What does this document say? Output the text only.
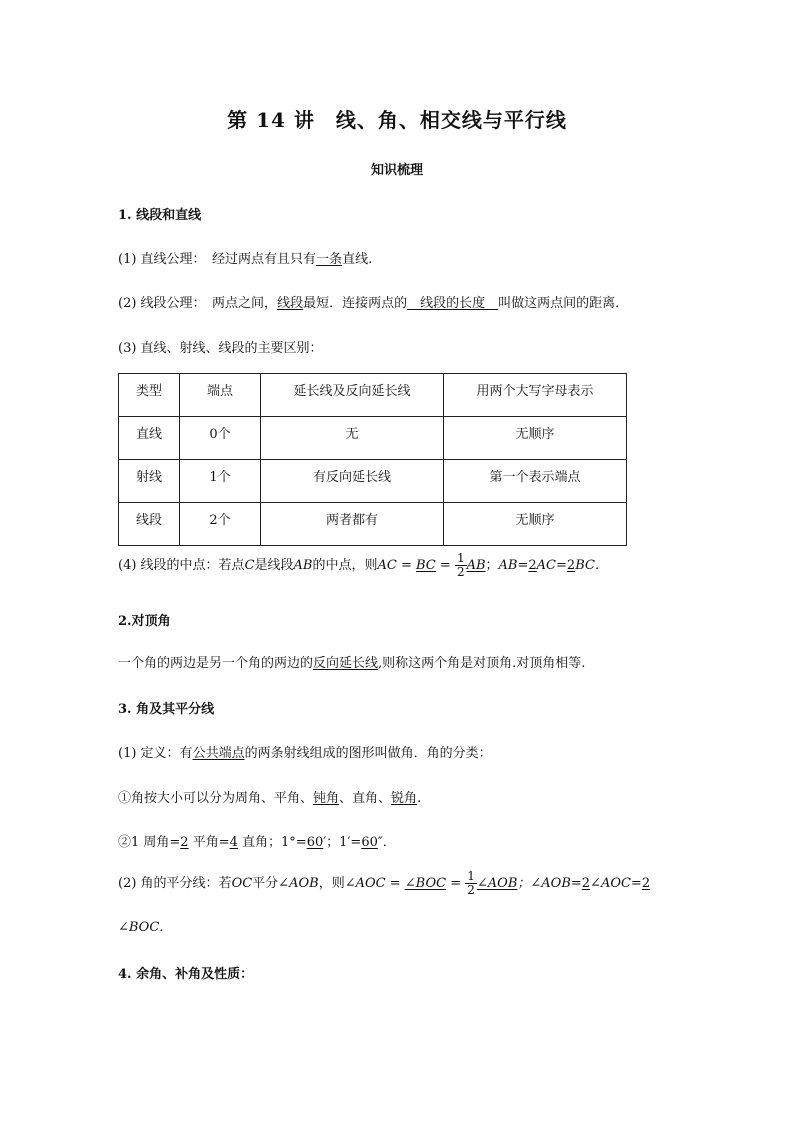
第 14 讲　线、角、相交线与平行线
知识梳理
1. 线段和直线
(1) 直线公理：　经过两点有且只有一条直线.
(2) 线段公理：　两点之间，线段最短．连接两点的　线段的长度　叫做这两点间的距离．
(3) 直线、射线、线段的主要区别：
类型	端点	延长线及反向延长线	用两个大写字母表示
直线	0个	无	无顺序
射线	1个	有反向延长线	第一个表示端点
线段	2个	两者都有	无顺序
(4) 线段的中点：若点C是线段AB的中点，则AC = BC = $\frac{1}{2}$ AB；AB=2AC=2BC．
2.对顶角
一个角的两边是另一个角的两边的反向延长线,则称这两个角是对顶角.对顶角相等.
3. 角及其平分线
(1) 定义：有公共端点的两条射线组成的图形叫做角．角的分类：
①角按大小可以分为周角、平角、钝角、直角、锐角.
②1 周角=2 平角=4 直角；1°=60′；1′=60″．
(2) 角的平分线：若OC平分∠AOB，则∠AOC = ∠BOC = $\frac{1}{2}$ ∠AOB；∠AOB=2∠AOC=2
∠BOC．
4. 余角、补角及性质：
